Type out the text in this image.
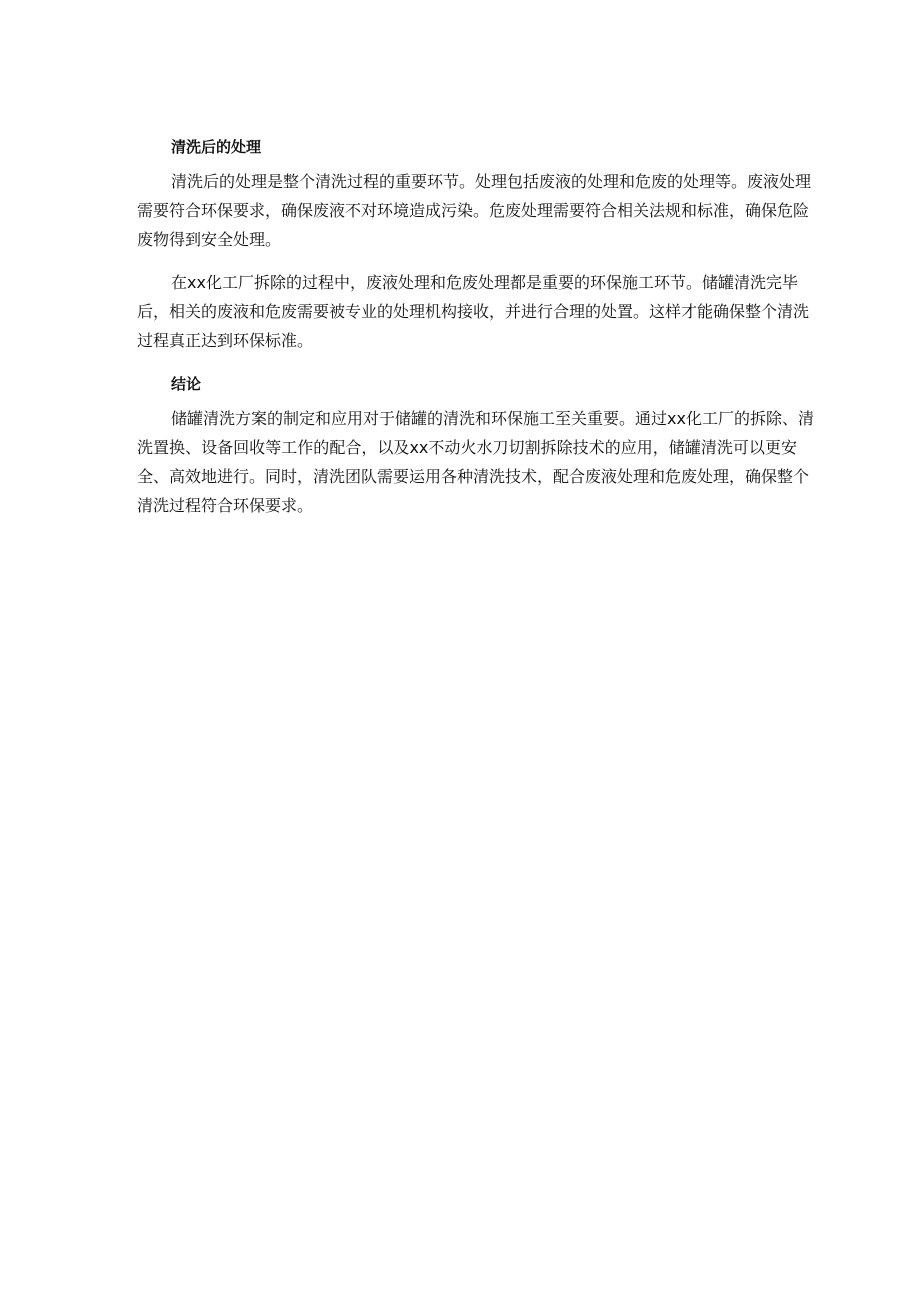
清洗后的处理
清洗后的处理是整个清洗过程的重要环节。处理包括废液的处理和危废的处理等。废液处理
需要符合环保要求，确保废液不对环境造成污染。危废处理需要符合相关法规和标准，确保危险
废物得到安全处理。
在xx化工厂拆除的过程中，废液处理和危废处理都是重要的环保施工环节。储罐清洗完毕
后，相关的废液和危废需要被专业的处理机构接收，并进行合理的处置。这样才能确保整个清洗
过程真正达到环保标准。
结论
储罐清洗方案的制定和应用对于储罐的清洗和环保施工至关重要。通过xx化工厂的拆除、清
洗置换、设备回收等工作的配合，以及xx不动火水刀切割拆除技术的应用，储罐清洗可以更安
全、高效地进行。同时，清洗团队需要运用各种清洗技术，配合废液处理和危废处理，确保整个
清洗过程符合环保要求。
